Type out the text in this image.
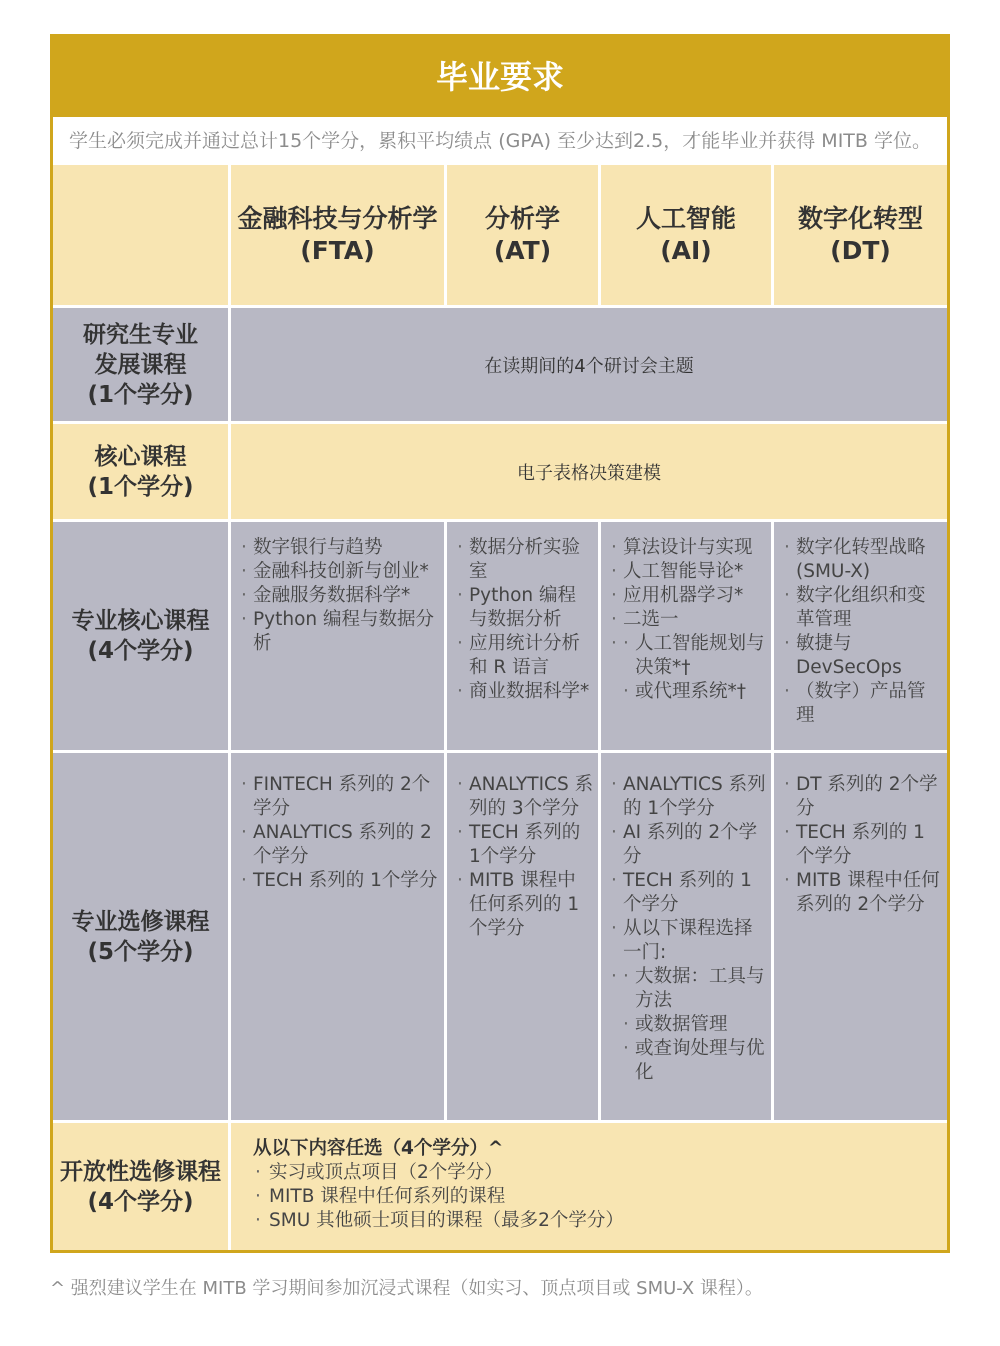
毕业要求
学生必须完成并通过总计15个学分，累积平均绩点 (GPA) 至少达到2.5，才能毕业并获得 MITB 学位。
金融科技与分析学
(FTA)
分析学
(AT)
人工智能
(AI)
数字化转型
(DT)
研究生专业
发展课程
(1个学分)
在读期间的4个研讨会主题
核心课程
(1个学分)
电子表格决策建模
专业核心课程
(4个学分)
· 数字银行与趋势
· 金融科技创新与创业*
· 金融服务数据科学*
· Python 编程与数据分析
· 数据分析实验室
· Python 编程与数据分析
· 应用统计分析和 R 语言
· 商业数据科学*
· 算法设计与实现
· 人工智能导论*
· 应用机器学习*
· 二选一
· · 人工智能规划与决策*†
· 或代理系统*†
· 数字化转型战略 (SMU-X)
· 数字化组织和变革管理
· 敏捷与 DevSecOps
· （数字）产品管理
专业选修课程
(5个学分)
· FINTECH 系列的 2个学分
· ANALYTICS 系列的 2个学分
· TECH 系列的 1个学分
· ANALYTICS 系列的 3个学分
· TECH 系列的 1个学分
· MITB 课程中任何系列的 1个学分
· ANALYTICS 系列的 1个学分
· AI 系列的 2个学分
· TECH 系列的 1个学分
· 从以下课程选择一门:
· · 大数据：工具与方法
· 或数据管理
· 或查询处理与优化
· DT 系列的 2个学分
· TECH 系列的 1个学分
· MITB 课程中任何系列的 2个学分
开放性选修课程
(4个学分)
从以下内容任选（4个学分）^
· 实习或顶点项目（2个学分）
· MITB 课程中任何系列的课程
· SMU 其他硕士项目的课程（最多2个学分）
^ 强烈建议学生在 MITB 学习期间参加沉浸式课程（如实习、顶点项目或 SMU-X 课程）。
